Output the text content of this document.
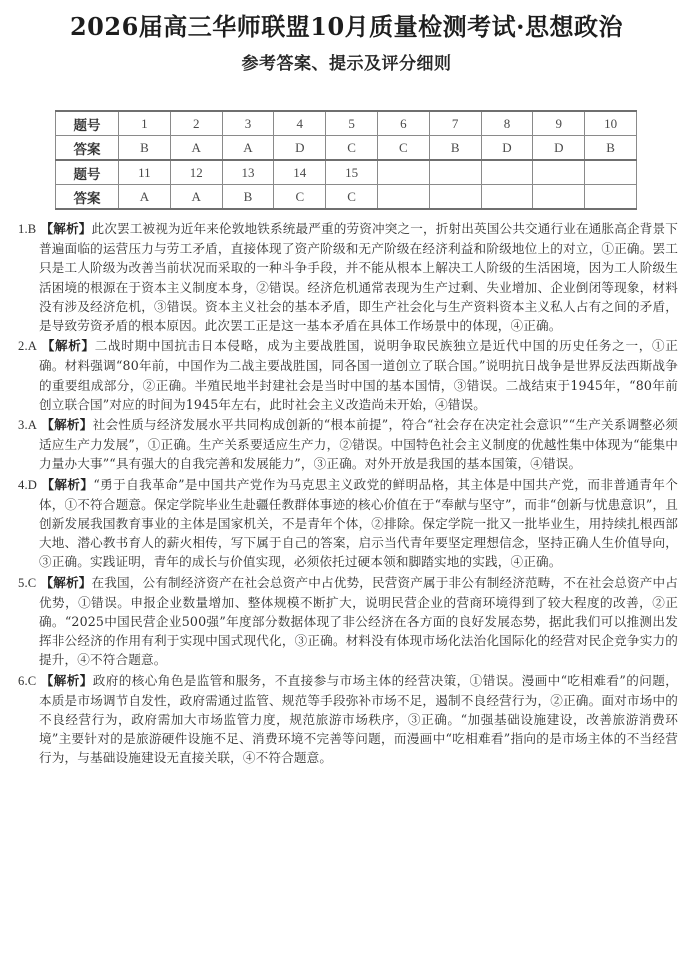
2026届高三华师联盟10月质量检测考试·思想政治
参考答案、提示及评分细则
题号	1	2	3	4	5	6	7	8	9	10
答案	B	A	A	D	C	C	B	D	D	B
题号	11	12	13	14	15					
答案	A	A	B	C	C					

1.B 【解析】此次罢工被视为近年来伦敦地铁系统最严重的劳资冲突之一，折射出英国公共交通行业在通胀高企背景下普遍面临的运营压力与劳工矛盾，直接体现了资产阶级和无产阶级在经济利益和阶级地位上的对立，①正确。罢工只是工人阶级为改善当前状况而采取的一种斗争手段，并不能从根本上解决工人阶级的生活困境，因为工人阶级生活困境的根源在于资本主义制度本身，②错误。经济危机通常表现为生产过剩、失业增加、企业倒闭等现象，材料没有涉及经济危机，③错误。资本主义社会的基本矛盾，即生产社会化与生产资料资本主义私人占有之间的矛盾，是导致劳资矛盾的根本原因。此次罢工正是这一基本矛盾在具体工作场景中的体现，④正确。

2.A 【解析】二战时期中国抗击日本侵略，成为主要战胜国，说明争取民族独立是近代中国的历史任务之一，①正确。材料强调“80年前，中国作为二战主要战胜国，同各国一道创立了联合国。”说明抗日战争是世界反法西斯战争的重要组成部分，②正确。半殖民地半封建社会是当时中国的基本国情，③错误。二战结束于1945年，“80年前创立联合国”对应的时间为1945年左右，此时社会主义改造尚未开始，④错误。

3.A 【解析】社会性质与经济发展水平共同构成创新的“根本前提”，符合“社会存在决定社会意识”“生产关系调整必须适应生产力发展”，①正确。生产关系要适应生产力，②错误。中国特色社会主义制度的优越性集中体现为“能集中力量办大事”“具有强大的自我完善和发展能力”，③正确。对外开放是我国的基本国策，④错误。

4.D 【解析】“勇于自我革命”是中国共产党作为马克思主义政党的鲜明品格，其主体是中国共产党，而非普通青年个体，①不符合题意。保定学院毕业生赴疆任教群体事迹的核心价值在于“奉献与坚守”，而非“创新与忧患意识”，且创新发展我国教育事业的主体是国家机关，不是青年个体，②排除。保定学院一批又一批毕业生，用持续扎根西部大地、潜心教书育人的薪火相传，写下属于自己的答案，启示当代青年要坚定理想信念，坚持正确人生价值导向，③正确。实践证明，青年的成长与价值实现，必须依托过硬本领和脚踏实地的实践，④正确。

5.C 【解析】在我国，公有制经济资产在社会总资产中占优势，民营资产属于非公有制经济范畴，不在社会总资产中占优势，①错误。申报企业数量增加、整体规模不断扩大，说明民营企业的营商环境得到了较大程度的改善，②正确。“2025中国民营企业500强”年度部分数据体现了非公经济在各方面的良好发展态势，据此我们可以推测出发挥非公经济的作用有利于实现中国式现代化，③正确。材料没有体现市场化法治化国际化的经营对民企竞争实力的提升，④不符合题意。

6.C 【解析】政府的核心角色是监管和服务，不直接参与市场主体的经营决策，①错误。漫画中“吃相难看”的问题，本质是市场调节自发性，政府需通过监管、规范等手段弥补市场不足，遏制不良经营行为，②正确。面对市场中的不良经营行为，政府需加大市场监管力度，规范旅游市场秩序，③正确。“加强基础设施建设，改善旅游消费环境”主要针对的是旅游硬件设施不足、消费环境不完善等问题，而漫画中“吃相难看”指向的是市场主体的不当经营行为，与基础设施建设无直接关联，④不符合题意。
